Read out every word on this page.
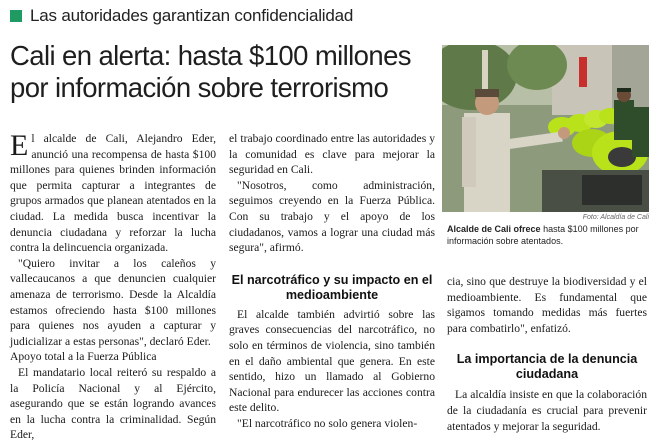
Las autoridades garantizan confidencialidad
Cali en alerta: hasta $100 millones
por información sobre terrorismo
Foto: Alcaldía de Cali
Alcalde de Cali ofrece hasta $100 millones por información sobre atentados.

El alcalde de Cali, Alejandro Eder, anunció una recompensa de hasta $100 millones para quienes brinden información que permita capturar a integrantes de grupos armados que planean atentados en la ciudad. La medida busca incentivar la denuncia ciudadana y reforzar la lucha contra la delincuencia organizada.

"Quiero invitar a los caleños y vallecaucanos a que denuncien cualquier amenaza de terrorismo. Desde la Alcaldía estamos ofreciendo hasta $100 millones para quienes nos ayuden a capturar y judicializar a estas personas", declaró Eder.

Apoyo total a la Fuerza Pública

El mandatario local reiteró su respaldo a la Policía Nacional y al Ejército, asegurando que se están logrando avances en la lucha contra la criminalidad. Según Eder,

el trabajo coordinado entre las autoridades y la comunidad es clave para mejorar la seguridad en Cali.

"Nosotros, como administración, seguimos creyendo en la Fuerza Pública. Con su trabajo y el apoyo de los ciudadanos, vamos a lograr una ciudad más segura", afirmó.

El narcotráfico y su impacto en el medioambiente

El alcalde también advirtió sobre las graves consecuencias del narcotráfico, no solo en términos de violencia, sino también en el daño ambiental que genera. En este sentido, hizo un llamado al Gobierno Nacional para endurecer las acciones contra este delito.

"El narcotráfico no solo genera violen-

cia, sino que destruye la biodiversidad y el medioambiente. Es fundamental que sigamos tomando medidas más fuertes para combatirlo", enfatizó.

La importancia de la denuncia ciudadana

La alcaldía insiste en que la colaboración de la ciudadanía es crucial para prevenir atentados y mejorar la seguridad.
